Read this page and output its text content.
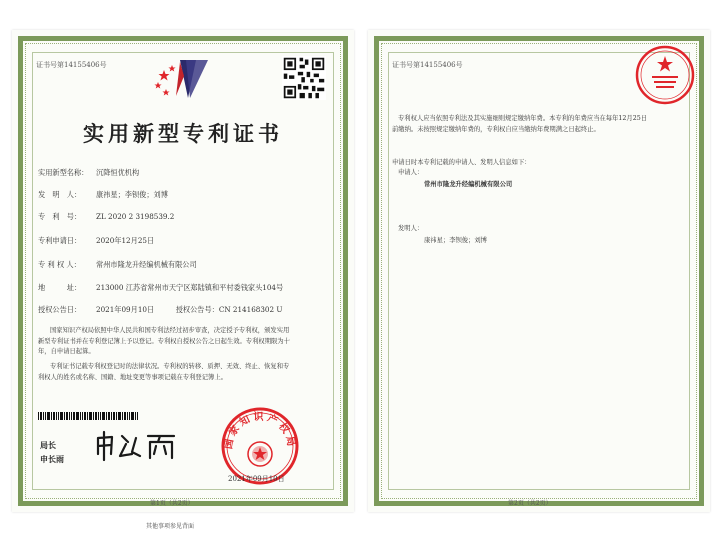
证书号第14155406号
实用新型专利证书
实用新型名称： 沉降恒优机构
发　明　人： 康祎星；李钡俊；刘博
专　利　号： ZL 2020 2 3198539.2
专利申请日： 2020年12月25日
专 利 权 人： 常州市隆龙升经编机械有限公司
地　　　址： 213000 江苏省常州市天宁区郑陆镇和平村委钱家头104号
授权公告日： 2021年09月10日　　　授权公告号：CN 214168302 U
国家知识产权局依照中华人民共和国专利法经过初步审查，决定授予专利权，颁发实用
新型专利证书并在专利登记簿上予以登记。专利权自授权公告之日起生效。专利权期限为十
年，自申请日起算。
专利证书记载专利权登记时的法律状况。专利权的转移、质押、无效、终止、恢复和专
利权人的姓名或名称、国籍、地址变更等事项记载在专利登记簿上。
局长
申长雨
国家知识产权局
2021年09月10日
第1页（共2页）
其他事项参见背面
证书号第14155406号
专利权人应当依照专利法及其实施细则规定缴纳年费。本专利的年费应当在每年12月25日
前缴纳。未按照规定缴纳年费的，专利权自应当缴纳年费期满之日起终止。
申请日时本专利记载的申请人、发明人信息如下：
申请人：
常州市隆龙升经编机械有限公司
发明人：
康祎星；李钡俊；刘博
第2页（共2页）
